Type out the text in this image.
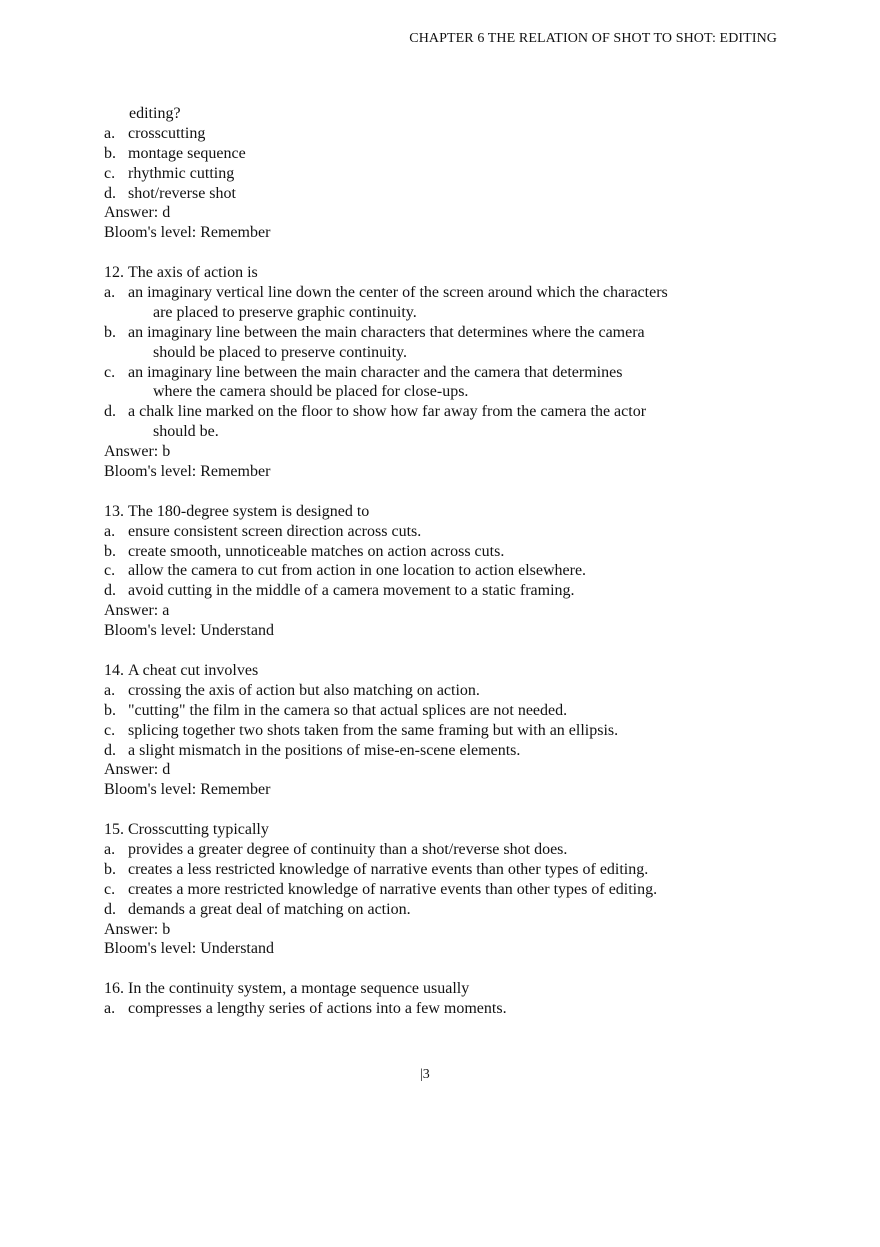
CHAPTER 6 THE RELATION OF SHOT TO SHOT: EDITING
editing?
a. crosscutting
b. montage sequence
c. rhythmic cutting
d. shot/reverse shot
Answer: d
Bloom's level: Remember
12. The axis of action is
a. an imaginary vertical line down the center of the screen around which the characters
are placed to preserve graphic continuity.
b. an imaginary line between the main characters that determines where the camera
should be placed to preserve continuity.
c. an imaginary line between the main character and the camera that determines
where the camera should be placed for close-ups.
d. a chalk line marked on the floor to show how far away from the camera the actor
should be.
Answer: b
Bloom's level: Remember
13. The 180-degree system is designed to
a. ensure consistent screen direction across cuts.
b. create smooth, unnoticeable matches on action across cuts.
c. allow the camera to cut from action in one location to action elsewhere.
d. avoid cutting in the middle of a camera movement to a static framing.
Answer: a
Bloom's level: Understand
14. A cheat cut involves
a. crossing the axis of action but also matching on action.
b. "cutting" the film in the camera so that actual splices are not needed.
c. splicing together two shots taken from the same framing but with an ellipsis.
d. a slight mismatch in the positions of mise-en-scene elements.
Answer: d
Bloom's level: Remember
15. Crosscutting typically
a. provides a greater degree of continuity than a shot/reverse shot does.
b. creates a less restricted knowledge of narrative events than other types of editing.
c. creates a more restricted knowledge of narrative events than other types of editing.
d. demands a great deal of matching on action.
Answer: b
Bloom's level: Understand
16. In the continuity system, a montage sequence usually
a. compresses a lengthy series of actions into a few moments.
|3
